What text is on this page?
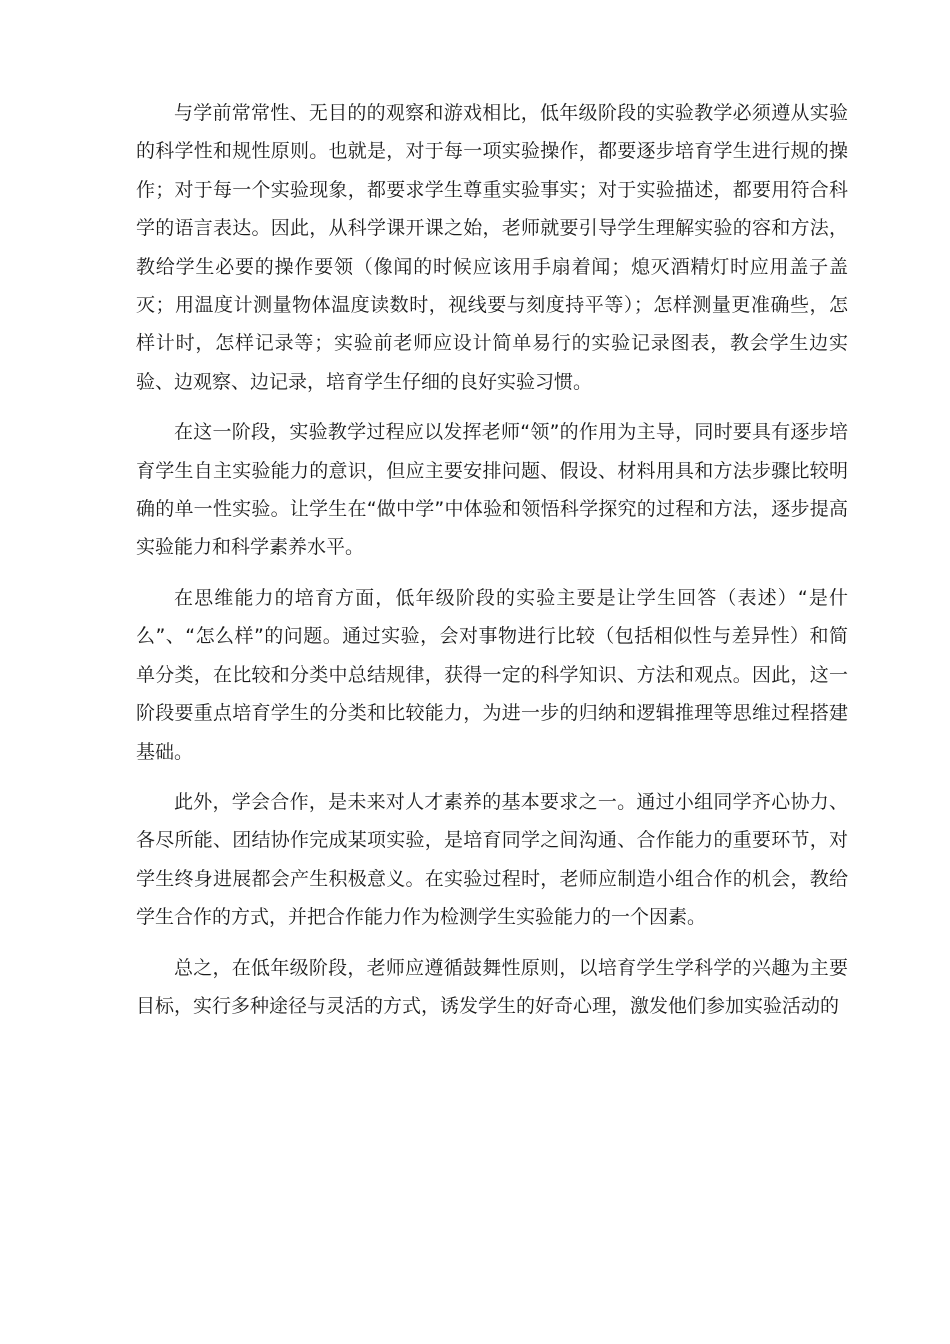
与学前常常性、无目的的观察和游戏相比，低年级阶段的实验教学必须遵从实验的科学性和规性原则。也就是，对于每一项实验操作，都要逐步培育学生进行规的操作；对于每一个实验现象，都要求学生尊重实验事实；对于实验描述，都要用符合科学的语言表达。因此，从科学课开课之始，老师就要引导学生理解实验的容和方法，教给学生必要的操作要领（像闻的时候应该用手扇着闻；熄灭酒精灯时应用盖子盖灭；用温度计测量物体温度读数时，视线要与刻度持平等）；怎样测量更准确些，怎样计时，怎样记录等；实验前老师应设计简单易行的实验记录图表，教会学生边实验、边观察、边记录，培育学生仔细的良好实验习惯。

在这一阶段，实验教学过程应以发挥老师“领”的作用为主导，同时要具有逐步培育学生自主实验能力的意识，但应主要安排问题、假设、材料用具和方法步骤比较明确的单一性实验。让学生在“做中学”中体验和领悟科学探究的过程和方法，逐步提高实验能力和科学素养水平。

在思维能力的培育方面，低年级阶段的实验主要是让学生回答（表述）“是什么”、“怎么样”的问题。通过实验，会对事物进行比较（包括相似性与差异性）和简单分类，在比较和分类中总结规律，获得一定的科学知识、方法和观点。因此，这一阶段要重点培育学生的分类和比较能力，为进一步的归纳和逻辑推理等思维过程搭建基础。

此外，学会合作，是未来对人才素养的基本要求之一。通过小组同学齐心协力、各尽所能、团结协作完成某项实验，是培育同学之间沟通、合作能力的重要环节，对学生终身进展都会产生积极意义。在实验过程时，老师应制造小组合作的机会，教给学生合作的方式，并把合作能力作为检测学生实验能力的一个因素。

总之，在低年级阶段，老师应遵循鼓舞性原则，以培育学生学科学的兴趣为主要目标，实行多种途径与灵活的方式，诱发学生的好奇心理，激发他们参加实验活动的
